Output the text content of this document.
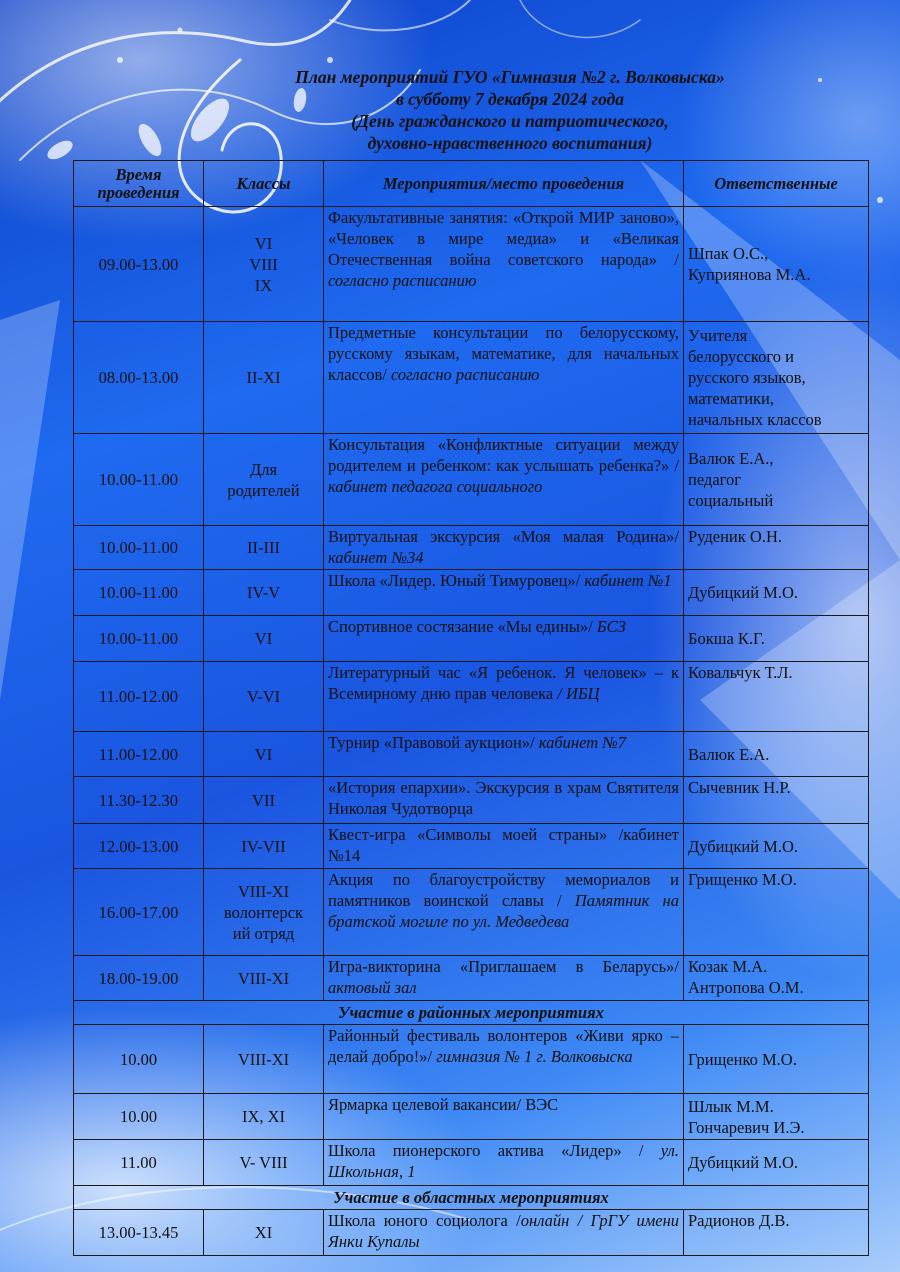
План мероприятий ГУО «Гимназия №2 г. Волковыска»
в субботу 7 декабря 2024 года
(День гражданского и патриотического,
духовно-нравственного воспитания)
Время
проведения	Классы	Мероприятия/место проведения	Ответственные
09.00-13.00	VI
VIII
IX	Факультативные занятия: «Открой МИР заново», «Человек в мире медиа» и «Великая Отечественная война советского народа» / согласно расписанию	Шпак О.С.,
Куприянова М.А.

08.00-13.00	II-XI	Предметные консультации по белорусскому, русскому языкам, математике, для начальных классов/ согласно расписанию	Учителя
белорусского и
русского языков,
математики,
начальных классов

10.00-11.00	Для
родителей	Консультация «Конфликтные ситуации между родителем и ребенком: как услышать ребенка?» / кабинет педагога социального	Валюк Е.А.,
педагог
социальный

10.00-11.00	II-III	Виртуальная экскурсия «Моя малая Родина»/ кабинет №34	Руденик О.Н.

10.00-11.00	IV-V	Школа «Лидер. Юный Тимуровец»/ кабинет №1	Дубицкий М.О.

10.00-11.00	VI	Спортивное состязание «Мы едины»/ БСЗ	Бокша К.Г.

11.00-12.00	V-VI	Литературный час «Я ребенок. Я человек» – к Всемирному дню прав человека / ИБЦ	Ковальчук Т.Л.

11.00-12.00	VI	Турнир «Правовой аукцион»/ кабинет №7	Валюк Е.А.

11.30-12.30	VII	«История епархии». Экскурсия в храм Святителя Николая Чудотворца	Сычевник Н.Р.

12.00-13.00	IV-VII	Квест-игра «Символы моей страны» /кабинет №14	Дубицкий М.О.

16.00-17.00	VIII-XI
волонтерск
ий отряд	Акция по благоустройству мемориалов и памятников воинской славы / Памятник на братской могиле по ул. Медведева	Грищенко М.О.

18.00-19.00	VIII-XI	Игра-викторина «Приглашаем в Беларусь»/ актовый зал	Козак М.А.
Антропова О.М.

Участие в районных мероприятиях			
10.00	VIII-XI	Районный фестиваль волонтеров «Живи ярко – делай добро!»/ гимназия № 1 г. Волковыска	Грищенко М.О.

10.00	IX, XI	Ярмарка целевой вакансии/ ВЭС	Шлык М.М.
Гончаревич И.Э.

11.00	V- VIII	Школа пионерского актива «Лидер» / ул. Школьная, 1	Дубицкий М.О.

Участие в областных мероприятиях			
13.00-13.45	XI	Школа юного социолога /онлайн / ГрГУ имени Янки Купалы	Радионов Д.В.
